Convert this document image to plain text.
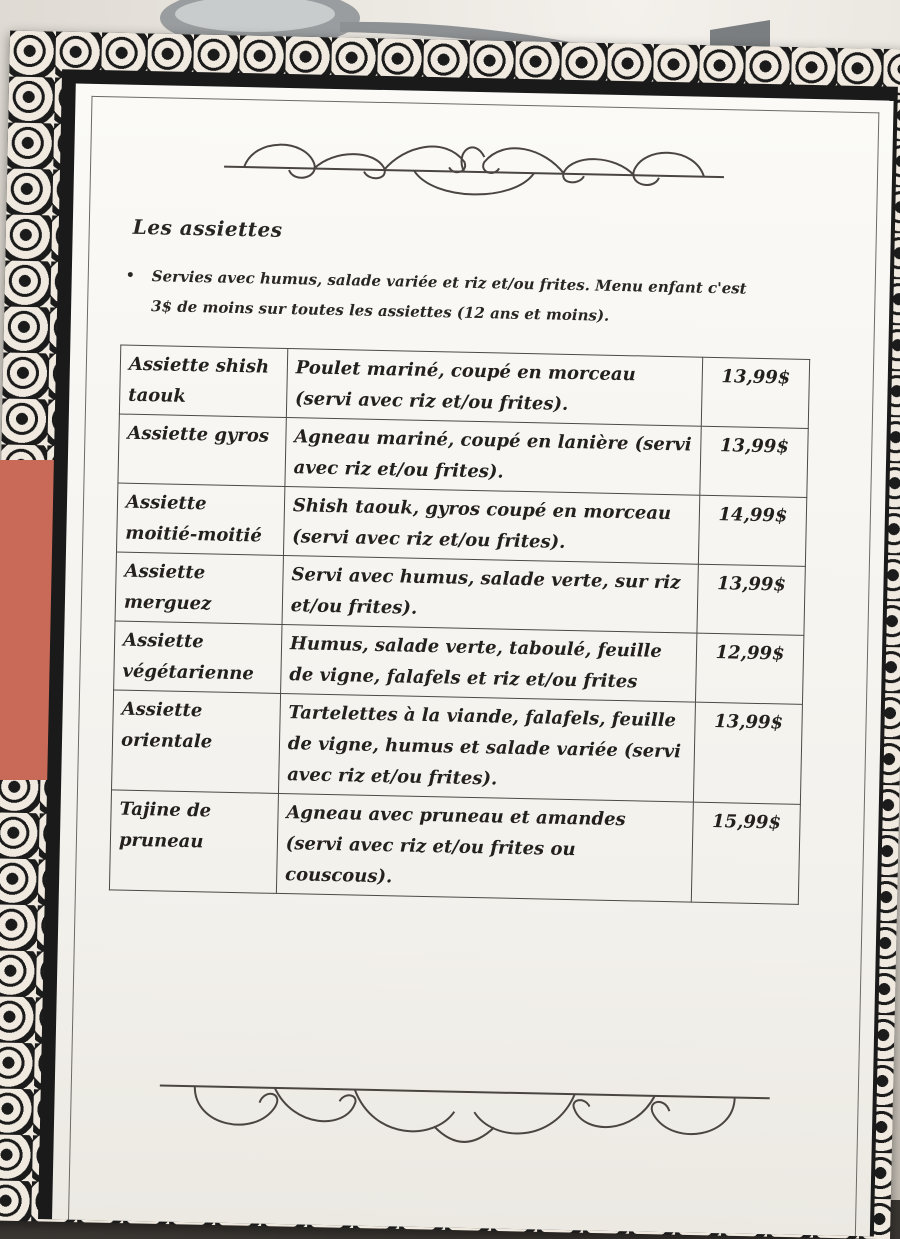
Les assiettes
• Servies avec humus, salade variée et riz et/ou frites. Menu enfant c'est 3$ de moins sur toutes les assiettes (12 ans et moins).
Assiette shish taouk	Poulet mariné, coupé en morceau (servi avec riz et/ou frites).	13,99$
Assiette gyros	Agneau mariné, coupé en lanière (servi avec riz et/ou frites).	13,99$
Assiette moitié-moitié	Shish taouk, gyros coupé en morceau (servi avec riz et/ou frites).	14,99$
Assiette merguez	Servi avec humus, salade verte, sur riz et/ou frites).	13,99$
Assiette végétarienne	Humus, salade verte, taboulé, feuille de vigne, falafels et riz et/ou frites	12,99$
Assiette orientale	Tartelettes à la viande, falafels, feuille de vigne, humus et salade variée (servi avec riz et/ou frites).	13,99$
Tajine de pruneau	Agneau avec pruneau et amandes (servi avec riz et/ou frites ou couscous).	15,99$
